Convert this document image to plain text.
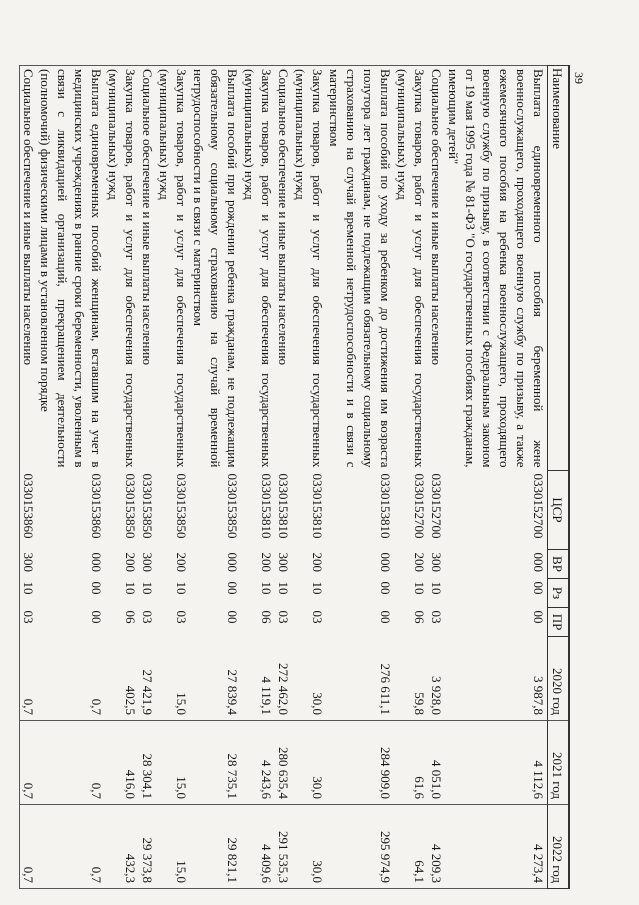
39
Наименование	ЦСР	ВР	Рз	ПР	2020 год	2021 год	2022 год
Выплата единовременного пособия беременной жене военнослужащего, проходящего военную службу по призыву, а также ежемесячного пособия на ребенка военнослужащего, проходящего военную службу по призыву, в соответствии с Федеральным законом от 19 мая 1995 года № 81-ФЗ "О государственных пособиях гражданам, имеющим детей"	0330152700	000	00	00	3 987,8	4 112,6	4 273,4
Социальное обеспечение и иные выплаты населению	0330152700	300	10	03	3 928,0	4 051,0	4 209,3
Закупка товаров, работ и услуг для обеспечения государственных (муниципальных) нужд	0330152700	200	10	06	59,8	61,6	64,1
Выплата пособий по уходу за ребенком до достижения им возраста полутора лет гражданам, не подлежащим обязательному социальному страхованию на случай временной нетрудоспособности и в связи с материнством	0330153810	000	00	00	276 611,1	284 909,0	295 974,9
Закупка товаров, работ и услуг для обеспечения государственных (муниципальных) нужд	0330153810	200	10	03	30,0	30,0	30,0
Социальное обеспечение и иные выплаты населению	0330153810	300	10	03	272 462,0	280 635,4	291 535,3
Закупка товаров, работ и услуг для обеспечения государственных (муниципальных) нужд	0330153810	200	10	06	4 119,1	4 243,6	4 409,6
Выплата пособий при рождении ребенка гражданам, не подлежащим обязательному социальному страхованию на случай временной нетрудоспособности и в связи с материнством	0330153850	000	00	00	27 839,4	28 735,1	29 821,1
Закупка товаров, работ и услуг для обеспечения государственных (муниципальных) нужд	0330153850	200	10	03	15,0	15,0	15,0
Социальное обеспечение и иные выплаты населению	0330153850	300	10	03	27 421,9	28 304,1	29 373,8
Закупка товаров, работ и услуг для обеспечения государственных (муниципальных) нужд	0330153850	200	10	06	402,5	416,0	432,3
Выплата единовременных пособий женщинам, вставшим на учет в медицинских учреждениях в ранние сроки беременности, уволенным в связи с ликвидацией организаций, прекращением деятельности (полномочий) физическими лицами в установленном порядке	0330153860	000	00	00	0,7	0,7	0,7
Социальное обеспечение и иные выплаты населению	0330153860	300	10	03	0,7	0,7	0,7
